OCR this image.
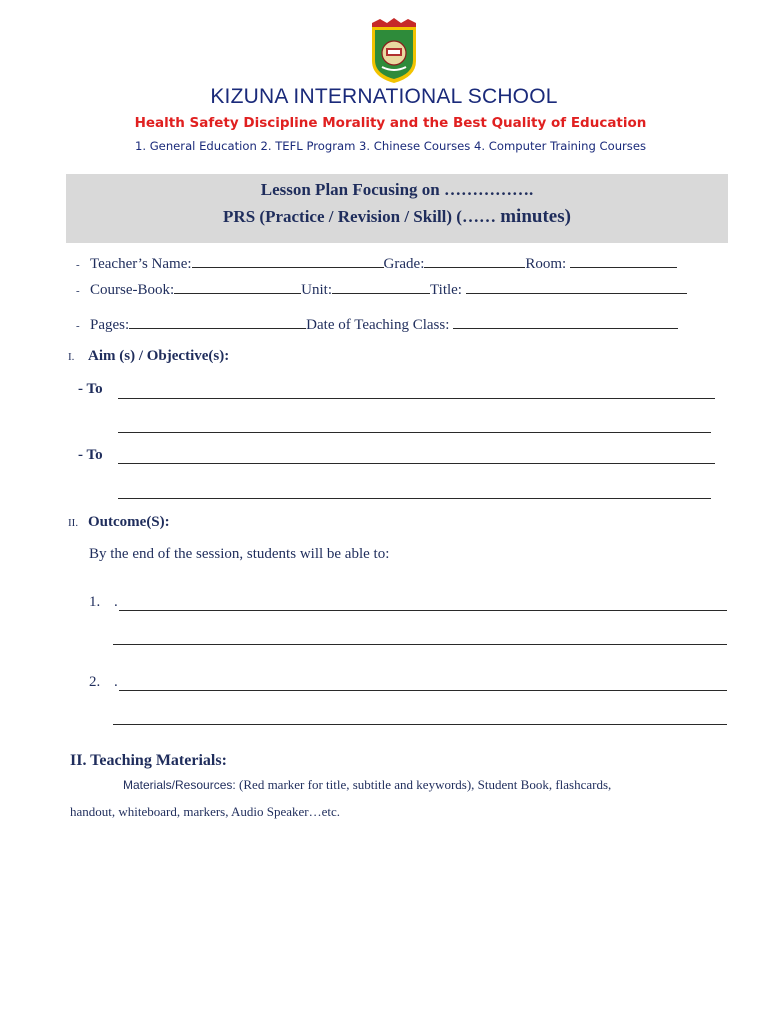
KIZUNA INTERNATIONAL SCHOOL
Health Safety Discipline Morality and the Best Quality of Education
1. General Education 2. TEFL Program 3. Chinese Courses 4. Computer Training Courses
Lesson Plan Focusing on …………….
PRS (Practice / Revision / Skill) (…… minutes)
- Teacher’s Name:	Grade:	Room:
- Course-Book:	Unit:	Title:
- Pages:	Date of Teaching Class:
I. Aim (s) / Objective(s):
- To
- To
II. Outcome(S):
By the end of the session, students will be able to:
1. .
2. .
II. Teaching Materials:
Materials/Resources: (Red marker for title, subtitle and keywords), Student Book, flashcards,
handout, whiteboard, markers, Audio Speaker…etc.
